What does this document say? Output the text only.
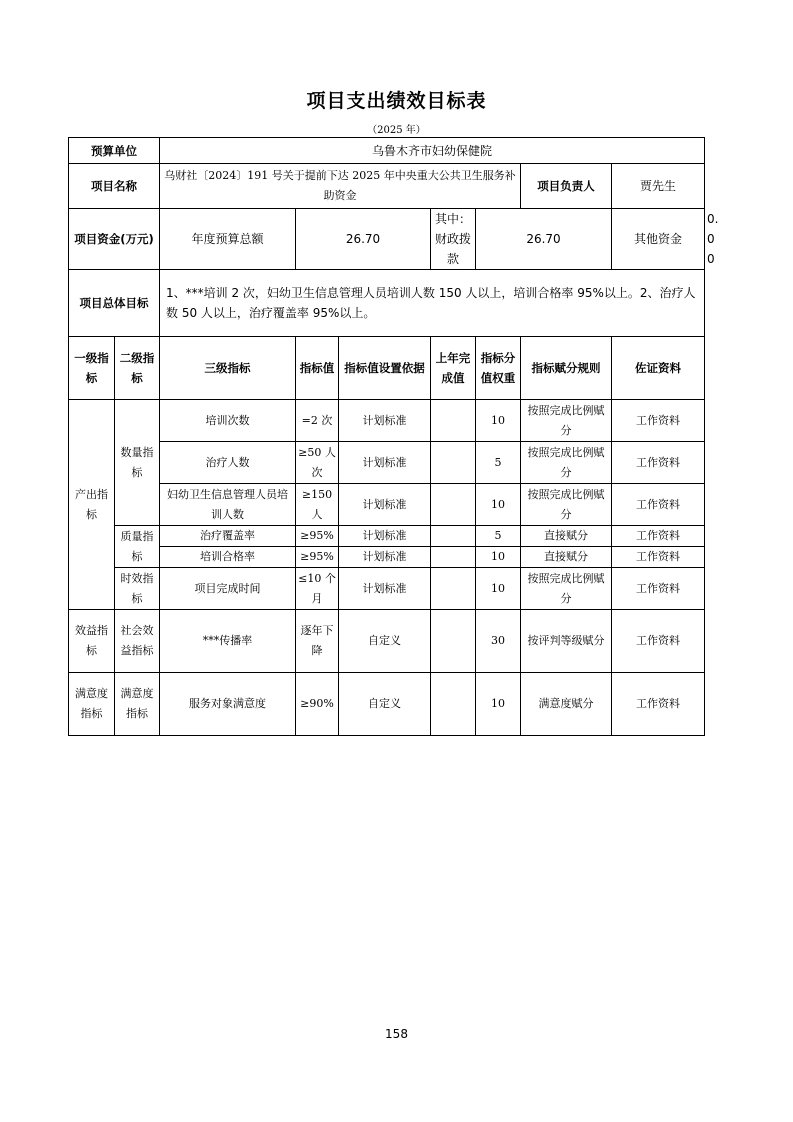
项目支出绩效目标表
（2025 年）
预算单位		乌鲁木齐市妇幼保健院							
项目名称		乌财社〔2024〕191 号关于提前下达 2025 年中央重大公共卫生服务补助资金					项目负责人	贾先生	
项目资金(万元)		年度预算总额	26.70		其中：财政拨款	26.70		其他资金	0.00
项目总体目标		1、***培训 2 次，妇幼卫生信息管理人员培训人数 150 人以上，培训合格率 95%以上。2、治疗人数 50 人以上，治疗覆盖率 95%以上。							
一级指标	二级指标	三级指标	指标值	指标值设置依据	上年完成值	指标分值权重	指标赋分规则	佐证资料	
产出指标	数量指标	培训次数	=2 次	计划标准		10	按照完成比例赋分	工作资料	
		治疗人数	≥50 人次	计划标准		5	按照完成比例赋分	工作资料	
		妇幼卫生信息管理人员培训人数	≥150 人	计划标准		10	按照完成比例赋分	工作资料	
	质量指标	治疗覆盖率	≥95%	计划标准		5	直接赋分	工作资料	
		培训合格率	≥95%	计划标准		10	直接赋分	工作资料	
	时效指标	项目完成时间	≤10 个月	计划标准		10	按照完成比例赋分	工作资料	
效益指标	社会效益指标	***传播率	逐年下降	自定义		30	按评判等级赋分	工作资料	
满意度指标	满意度指标	服务对象满意度	≥90%	自定义		10	满意度赋分	工作资料	
158
